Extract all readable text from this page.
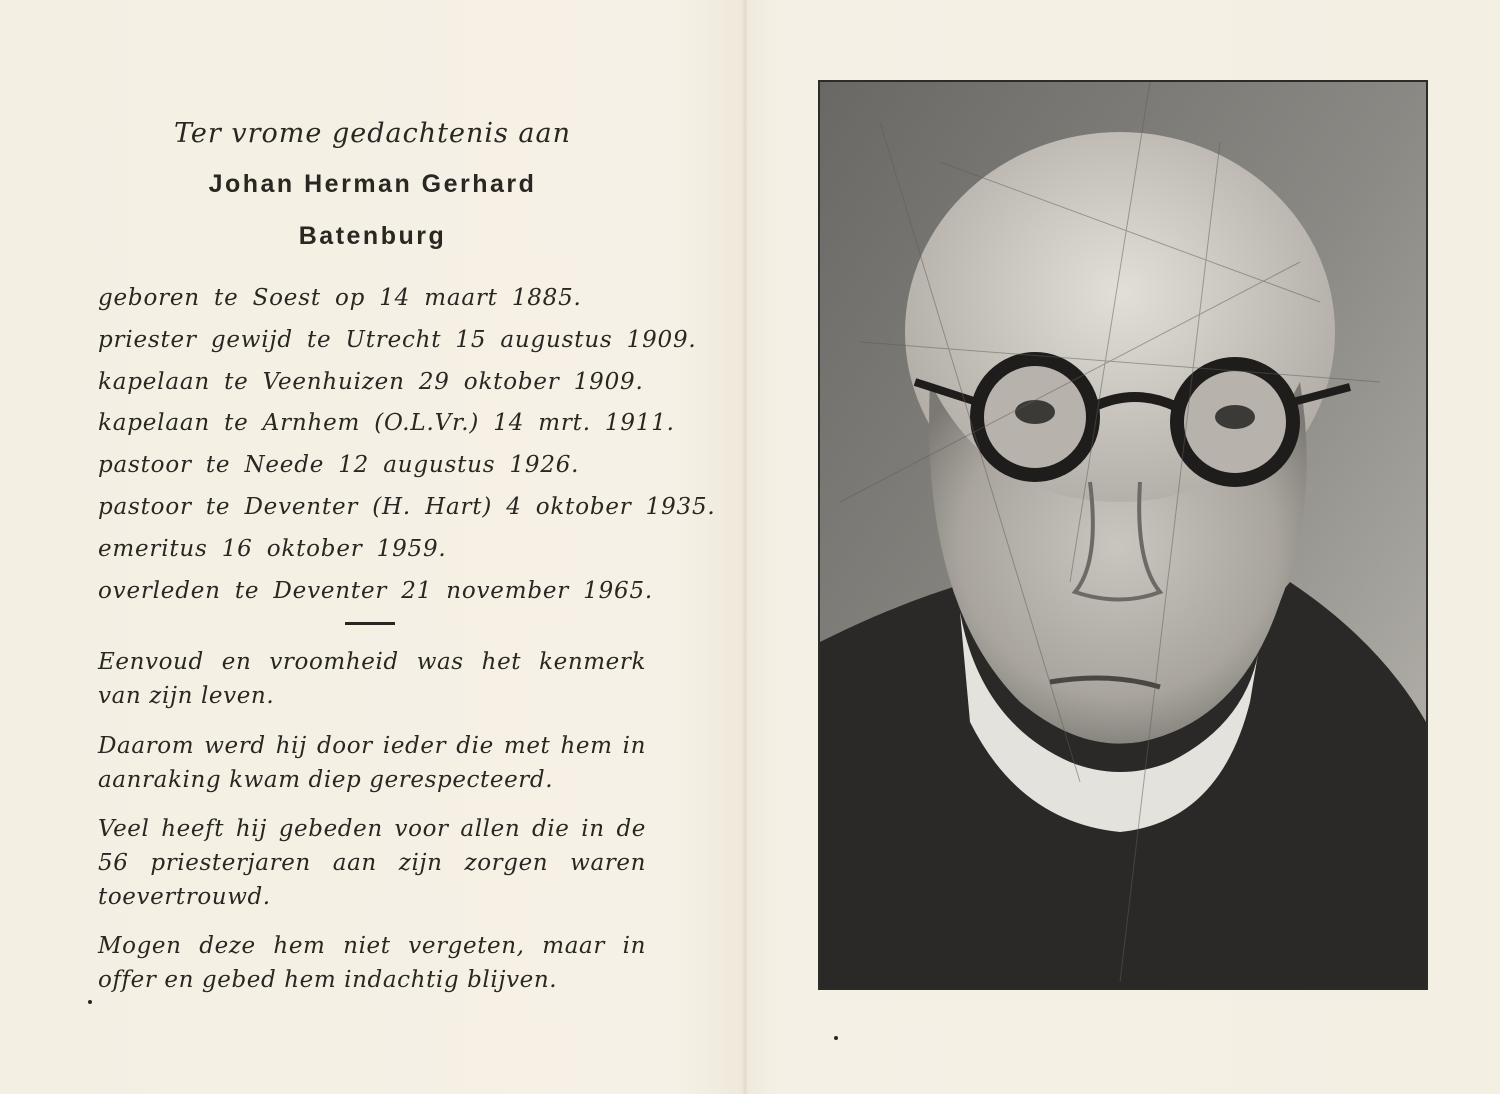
Ter vrome gedachtenis aan
Johan Herman Gerhard
Batenburg
geboren te Soest op 14 maart 1885.
priester gewijd te Utrecht 15 augustus 1909.
kapelaan te Veenhuizen 29 oktober 1909.
kapelaan te Arnhem (O.L.Vr.) 14 mrt. 1911.
pastoor te Neede 12 augustus 1926.
pastoor te Deventer (H. Hart) 4 oktober 1935.
emeritus 16 oktober 1959.
overleden te Deventer 21 november 1965.

Eenvoud en vroomheid was het kenmerk van zijn leven.

Daarom werd hij door ieder die met hem in aanraking kwam diep gerespecteerd.

Veel heeft hij gebeden voor allen die in de 56 priesterjaren aan zijn zorgen waren toevertrouwd.

Mogen deze hem niet vergeten, maar in offer en gebed hem indachtig blijven.
